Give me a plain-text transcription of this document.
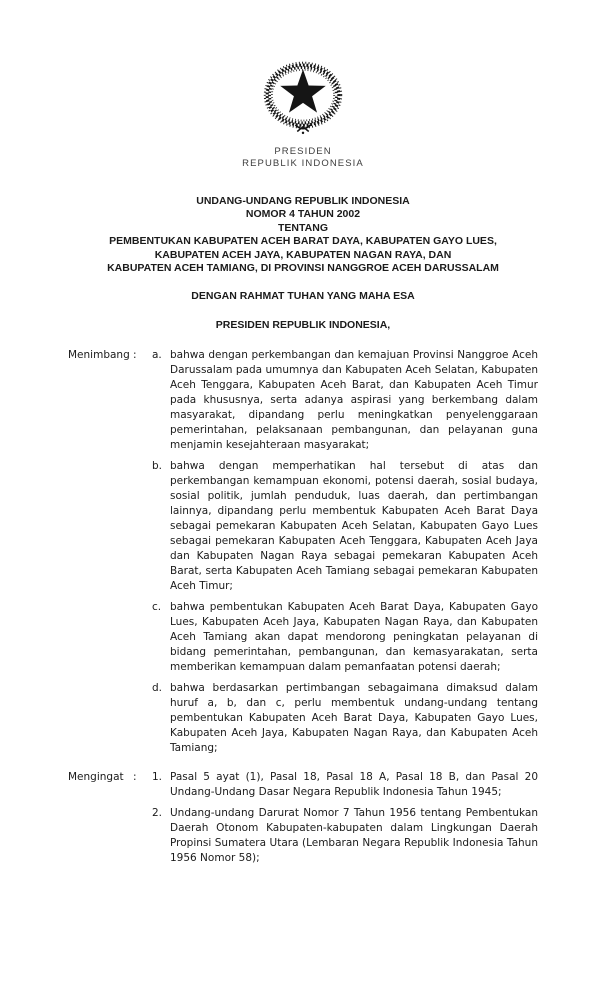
PRESIDEN
REPUBLIK INDONESIA
UNDANG-UNDANG REPUBLIK INDONESIA
NOMOR 4 TAHUN 2002
TENTANG
PEMBENTUKAN KABUPATEN ACEH BARAT DAYA, KABUPATEN GAYO LUES,
KABUPATEN ACEH JAYA, KABUPATEN NAGAN RAYA, DAN
KABUPATEN ACEH TAMIANG, DI PROVINSI NANGGROE ACEH DARUSSALAM
DENGAN RAHMAT TUHAN YANG MAHA ESA
PRESIDEN REPUBLIK INDONESIA,
Menimbang :	a. bahwa dengan perkembangan dan kemajuan Provinsi Nanggroe Aceh Darussalam pada umumnya dan Kabupaten Aceh Selatan, Kabupaten Aceh Tenggara, Kabupaten Aceh Barat, dan Kabupaten Aceh Timur pada khususnya, serta adanya aspirasi yang berkembang dalam masyarakat, dipandang perlu meningkatkan penyelenggaraan pemerintahan, pelaksanaan pembangunan, dan pelayanan guna menjamin kesejahteraan masyarakat;
b. bahwa dengan memperhatikan hal tersebut di atas dan perkembangan kemampuan ekonomi, potensi daerah, sosial budaya, sosial politik, jumlah penduduk, luas daerah, dan pertimbangan lainnya, dipandang perlu membentuk Kabupaten Aceh Barat Daya sebagai pemekaran Kabupaten Aceh Selatan, Kabupaten Gayo Lues sebagai pemekaran Kabupaten Aceh Tenggara, Kabupaten Aceh Jaya dan Kabupaten Nagan Raya sebagai pemekaran Kabupaten Aceh Barat, serta Kabupaten Aceh Tamiang sebagai pemekaran Kabupaten Aceh Timur;
c. bahwa pembentukan Kabupaten Aceh Barat Daya, Kabupaten Gayo Lues, Kabupaten Aceh Jaya, Kabupaten Nagan Raya, dan Kabupaten Aceh Tamiang akan dapat mendorong peningkatan pelayanan di bidang pemerintahan, pembangunan, dan kemasyarakatan, serta memberikan kemampuan dalam pemanfaatan potensi daerah;
d. bahwa berdasarkan pertimbangan sebagaimana dimaksud dalam huruf a, b, dan c, perlu membentuk undang-undang tentang pembentukan Kabupaten Aceh Barat Daya, Kabupaten Gayo Lues, Kabupaten Aceh Jaya, Kabupaten Nagan Raya, dan Kabupaten Aceh Tamiang;
Mengingat :	1. Pasal 5 ayat (1), Pasal 18, Pasal 18 A, Pasal 18 B, dan Pasal 20 Undang-Undang Dasar Negara Republik Indonesia Tahun 1945;
2. Undang-undang Darurat Nomor 7 Tahun 1956 tentang Pembentukan Daerah Otonom Kabupaten-kabupaten dalam Lingkungan Daerah Propinsi Sumatera Utara (Lembaran Negara Republik Indonesia Tahun 1956 Nomor 58);
